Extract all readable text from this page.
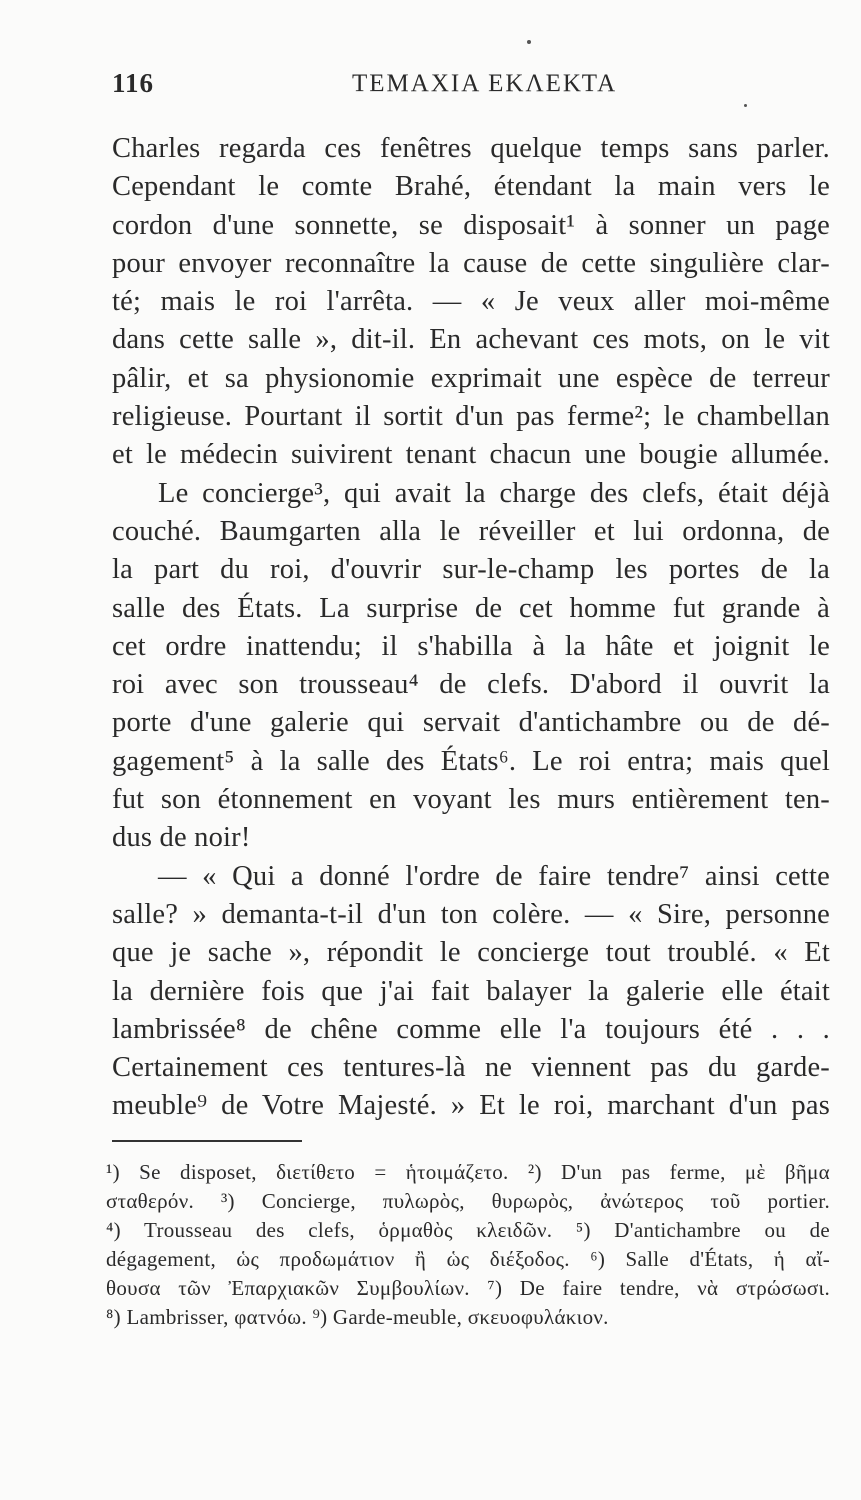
116	ΤΕΜΑΧΙΑ ΕΚΛΕΚΤΑ
Charles regarda ces fenêtres quelque temps sans parler.
Cependant le comte Brahé, étendant la main vers le
cordon d'une sonnette, se disposait¹ à sonner un page
pour envoyer reconnaître la cause de cette singulière clar-
té; mais le roi l'arrêta. — « Je veux aller moi-même
dans cette salle », dit-il. En achevant ces mots, on le vit
pâlir, et sa physionomie exprimait une espèce de terreur
religieuse. Pourtant il sortit d'un pas ferme²; le chambellan
et le médecin suivirent tenant chacun une bougie allumée.
Le concierge³, qui avait la charge des clefs, était déjà
couché. Baumgarten alla le réveiller et lui ordonna, de
la part du roi, d'ouvrir sur-le-champ les portes de la
salle des États. La surprise de cet homme fut grande à
cet ordre inattendu; il s'habilla à la hâte et joignit le
roi avec son trousseau⁴ de clefs. D'abord il ouvrit la
porte d'une galerie qui servait d'antichambre ou de dé-
gagement⁵ à la salle des États⁶. Le roi entra; mais quel
fut son étonnement en voyant les murs entièrement ten-
dus de noir!
— « Qui a donné l'ordre de faire tendre⁷ ainsi cette
salle? » demanta-t-il d'un ton colère. — « Sire, personne
que je sache », répondit le concierge tout troublé. « Et
la dernière fois que j'ai fait balayer la galerie elle était
lambrissée⁸ de chêne comme elle l'a toujours été . . .
Certainement ces tentures-là ne viennent pas du garde-
meuble⁹ de Votre Majesté. » Et le roi, marchant d'un pas
¹) Se disposet, διετίθετο = ἡτοιμάζετο. ²) D'un pas ferme, μὲ βῆμα
σταθερόν. ³) Concierge, πυλωρὸς, θυρωρὸς, ἀνώτερος τοῦ portier.
⁴) Trousseau des clefs, ὁρμαθὸς κλειδῶν. ⁵) D'antichambre ou de
dégagement, ὡς προδωμάτιον ἢ ὡς διέξοδος. ⁶) Salle d'États, ἡ αἴ-
θουσα τῶν Ἐπαρχιακῶν Συμβουλίων. ⁷) De faire tendre, νὰ στρώσωσι.
⁸) Lambrisser, φατνόω. ⁹) Garde-meuble, σκευοφυλάκιον.
